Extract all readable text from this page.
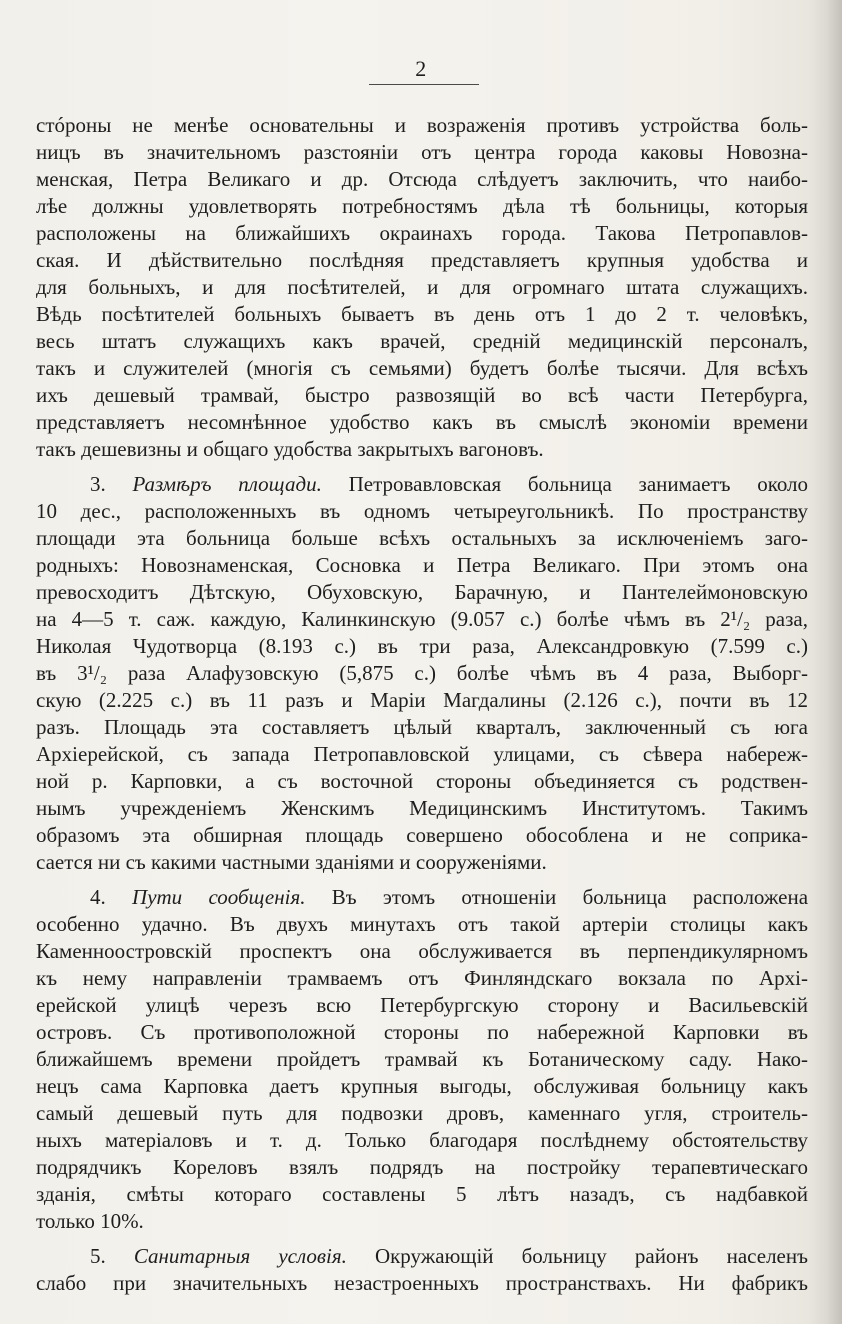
2
стóроны не менѣе основательны и возраженія противъ устройства боль-
ницъ въ значительномъ разстояніи отъ центра города каковы Новозна-
менская, Петра Великаго и др. Отсюда слѣдуетъ заключить, что наибо-
лѣе должны удовлетворять потребностямъ дѣла тѣ больницы, которыя
расположены на ближайшихъ окраинахъ города. Такова Петропавлов-
ская. И дѣйствительно послѣдняя представляетъ крупныя удобства и
для больныхъ, и для посѣтителей, и для огромнаго штата служащихъ.
Вѣдь посѣтителей больныхъ бываетъ въ день отъ 1 до 2 т. человѣкъ,
весь штатъ служащихъ какъ врачей, средній медицинскій персоналъ,
такъ и служителей (многія съ семьями) будетъ болѣе тысячи. Для всѣхъ
ихъ дешевый трамвай, быстро развозящій во всѣ части Петербурга,
представляетъ несомнѣнное удобство какъ въ смыслѣ экономіи времени
такъ дешевизны и общаго удобства закрытыхъ вагоновъ.
3. Размѣръ площади. Петровавловская больница занимаетъ около
10 дес., расположенныхъ въ одномъ четыреугольникѣ. По пространству
площади эта больница больше всѣхъ остальныхъ за исключеніемъ заго-
родныхъ: Новознаменская, Сосновка и Петра Великаго. При этомъ она
превосходитъ Дѣтскую, Обуховскую, Барачную, и Пантелеймоновскую
на 4—5 т. саж. каждую, Калинкинскую (9.057 с.) болѣе чѣмъ въ 2¹/₂ раза,
Николая Чудотворца (8.193 с.) въ три раза, Александровкую (7.599 с.)
въ 3¹/₂ раза Алафузовскую (5,875 с.) болѣе чѣмъ въ 4 раза, Выборг-
скую (2.225 с.) въ 11 разъ и Маріи Магдалины (2.126 с.), почти въ 12
разъ. Площадь эта составляетъ цѣлый кварталъ, заключенный съ юга
Архіерейской, съ запада Петропавловской улицами, съ сѣвера набереж-
ной р. Карповки, а съ восточной стороны объединяется съ родствен-
нымъ учрежденіемъ Женскимъ Медицинскимъ Институтомъ. Такимъ
образомъ эта обширная площадь совершено обособлена и не соприка-
сается ни съ какими частными зданіями и сооруженіями.
4. Пути сообщенія. Въ этомъ отношеніи больница расположена
особенно удачно. Въ двухъ минутахъ отъ такой артеріи столицы какъ
Каменноостровскій проспектъ она обслуживается въ перпендикулярномъ
къ нему направленіи трамваемъ отъ Финляндскаго вокзала по Архі-
ерейской улицѣ черезъ всю Петербургскую сторону и Васильевскій
островъ. Съ противоположной стороны по набережной Карповки въ
ближайшемъ времени пройдетъ трамвай къ Ботаническому саду. Нако-
нецъ сама Карповка даетъ крупныя выгоды, обслуживая больницу какъ
самый дешевый путь для подвозки дровъ, каменнаго угля, строитель-
ныхъ матеріаловъ и т. д. Только благодаря послѣднему обстоятельству
подрядчикъ Кореловъ взялъ подрядъ на постройку терапевтическаго
зданія, смѣты котораго составлены 5 лѣтъ назадъ, съ надбавкой
только 10%.
5. Санитарныя условія. Окружающій больницу районъ населенъ
слабо при значительныхъ незастроенныхъ пространствахъ. Ни фабрикъ
